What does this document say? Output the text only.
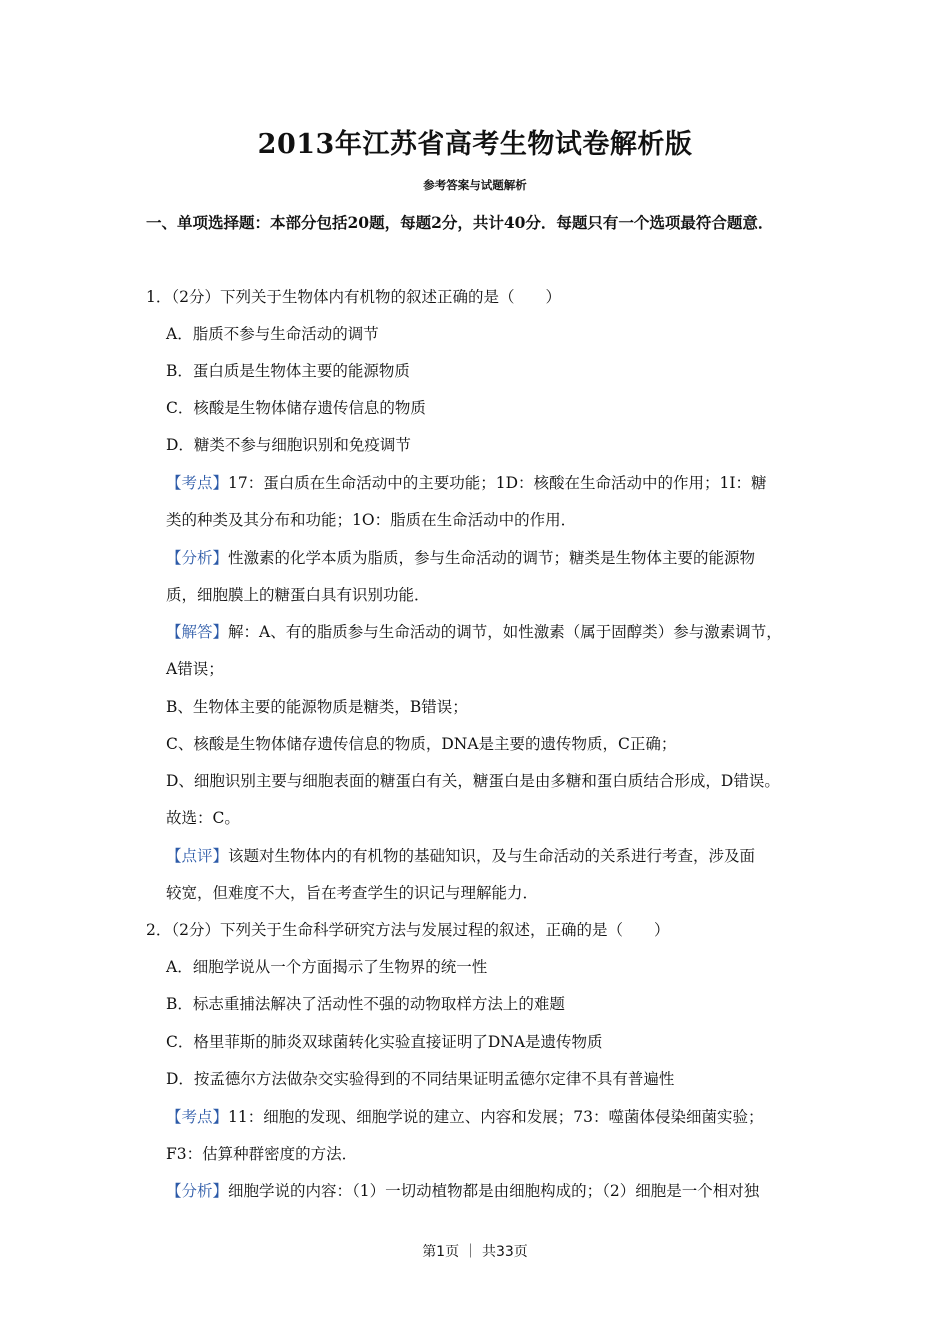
2013年江苏省高考生物试卷解析版
参考答案与试题解析
一、单项选择题：本部分包括20题，每题2分，共计40分．每题只有一个选项最符合题意．
1．（2分）下列关于生物体内有机物的叙述正确的是（　　）
A．脂质不参与生命活动的调节
B．蛋白质是生物体主要的能源物质
C．核酸是生物体储存遗传信息的物质
D．糖类不参与细胞识别和免疫调节
【考点】17：蛋白质在生命活动中的主要功能；1D：核酸在生命活动中的作用；1I：糖
类的种类及其分布和功能；1O：脂质在生命活动中的作用．
【分析】性激素的化学本质为脂质，参与生命活动的调节；糖类是生物体主要的能源物
质，细胞膜上的糖蛋白具有识别功能．
【解答】解：A、有的脂质参与生命活动的调节，如性激素（属于固醇类）参与激素调节，
A错误；
B、生物体主要的能源物质是糖类，B错误；
C、核酸是生物体储存遗传信息的物质，DNA是主要的遗传物质，C正确；
D、细胞识别主要与细胞表面的糖蛋白有关，糖蛋白是由多糖和蛋白质结合形成，D错误。
故选：C。
【点评】该题对生物体内的有机物的基础知识，及与生命活动的关系进行考查，涉及面
较宽，但难度不大，旨在考查学生的识记与理解能力．
2．（2分）下列关于生命科学研究方法与发展过程的叙述，正确的是（　　）
A．细胞学说从一个方面揭示了生物界的统一性
B．标志重捕法解决了活动性不强的动物取样方法上的难题
C．格里菲斯的肺炎双球菌转化实验直接证明了DNA是遗传物质
D．按孟德尔方法做杂交实验得到的不同结果证明孟德尔定律不具有普遍性
【考点】11：细胞的发现、细胞学说的建立、内容和发展；73：噬菌体侵染细菌实验；
F3：估算种群密度的方法．
【分析】细胞学说的内容：（1）一切动植物都是由细胞构成的；（2）细胞是一个相对独
第1页 ｜ 共33页
